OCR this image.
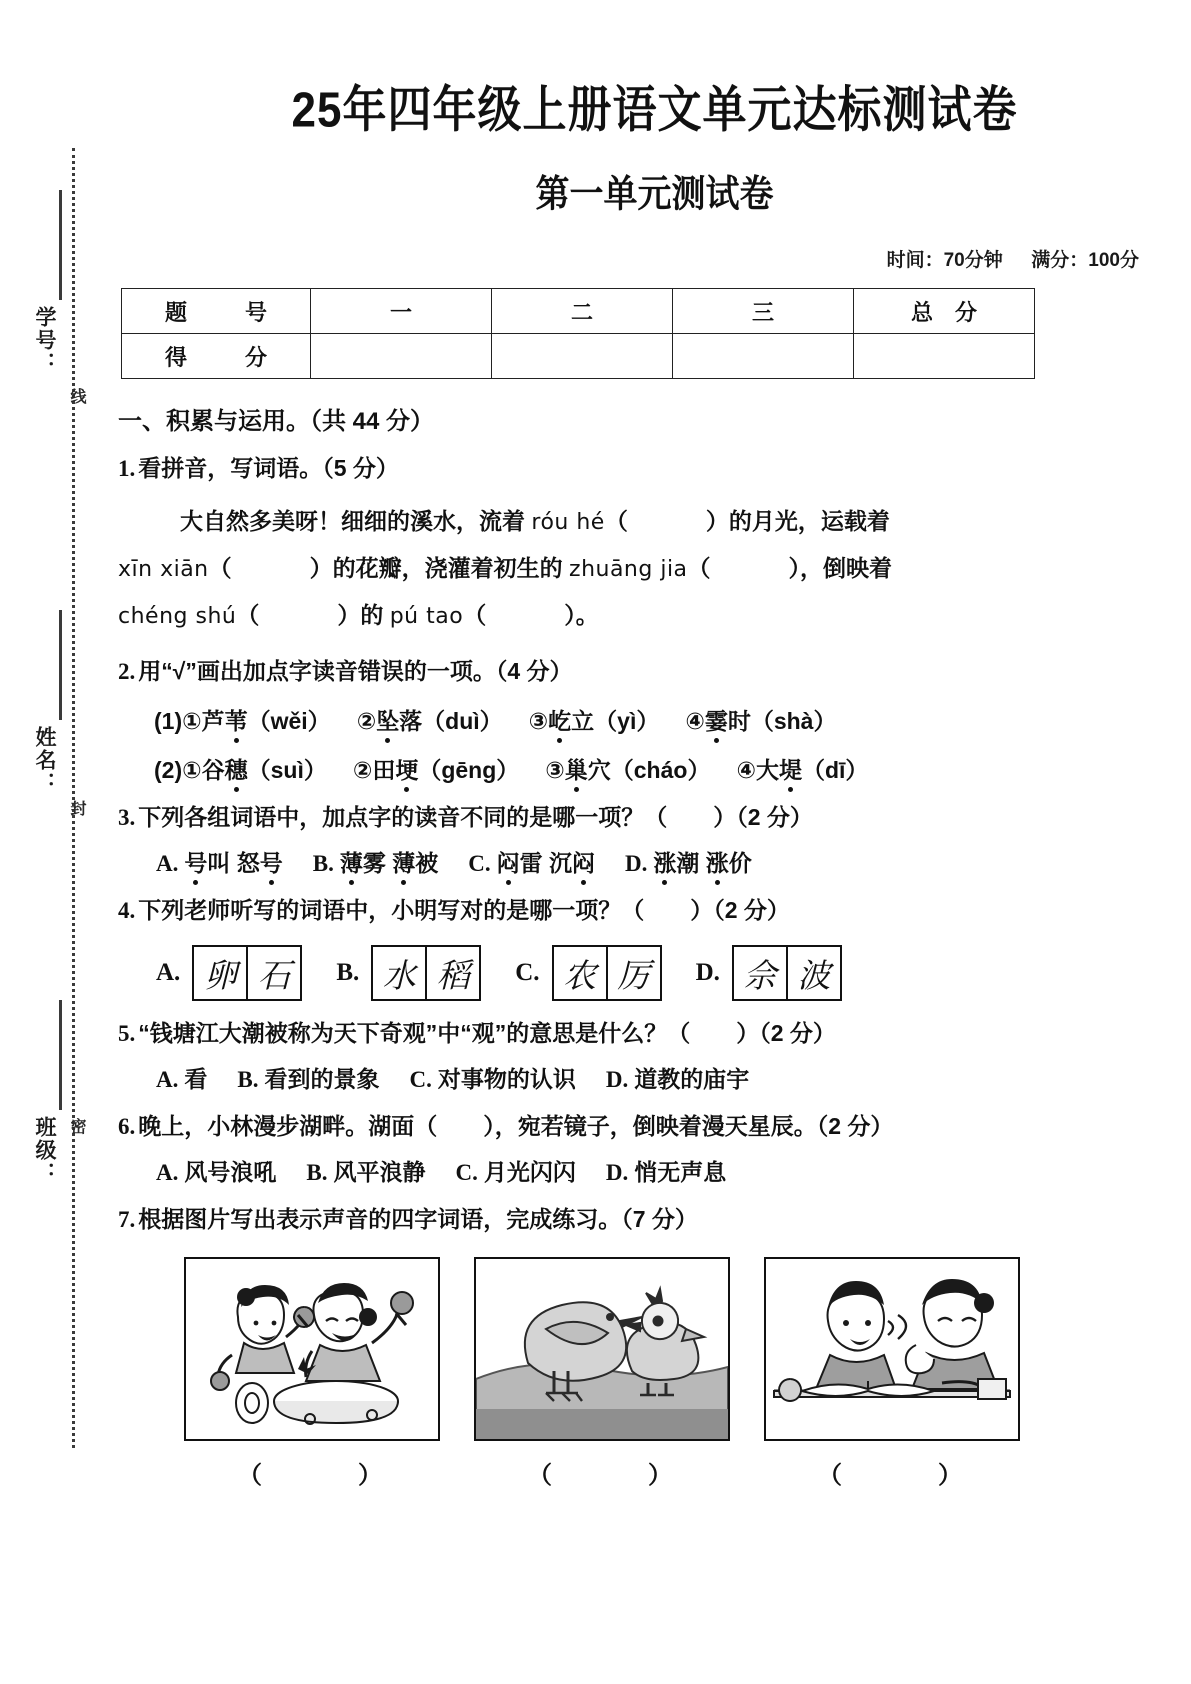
学号：
线
姓名：
封
班级： 密
25年四年级上册语文单元达标测试卷
第一单元测试卷
时间：70分钟 满分：100分
题　号	一	二	三	总　分
得　分				
一、积累与运用。（共 44 分）
1. 看拼音，写词语。（5 分）
大自然多美呀！细细的溪水，流着 róu hé（	）的月光，运载着
xīn xiān（	）的花瓣，浇灌着初生的 zhuāng jia（	），倒映着
chéng shú（	）的 pú tao（	）。
2. 用“√”画出加点字读音错误的一项。（4 分）
(1)①芦苇（wěi） ②坠落（duì） ③屹立（yì） ④霎时（shà）
(2)①谷穗（suì） ②田埂（gēng） ③巢穴（cháo） ④大堤（dī）
3. 下列各组词语中，加点字的读音不同的是哪一项？（　　）（2 分）
A. 号叫 怒号 B. 薄雾 薄被 C. 闷雷 沉闷 D. 涨潮 涨价
4. 下列老师听写的词语中，小明写对的是哪一项？（　　）（2 分）
A. 卵 石	B. 水 稻	C. 农 厉	D. 佘 波
5. “钱塘江大潮被称为天下奇观”中“观”的意思是什么？（　　）（2 分）
A. 看 B. 看到的景象 C. 对事物的认识 D. 道教的庙宇
6. 晚上，小林漫步湖畔。湖面（　　），宛若镜子，倒映着漫天星辰。（2 分）
A. 风号浪吼 B. 风平浪静 C. 月光闪闪 D. 悄无声息
7. 根据图片写出表示声音的四字词语，完成练习。（7 分）
（	）	（	）	（	）
